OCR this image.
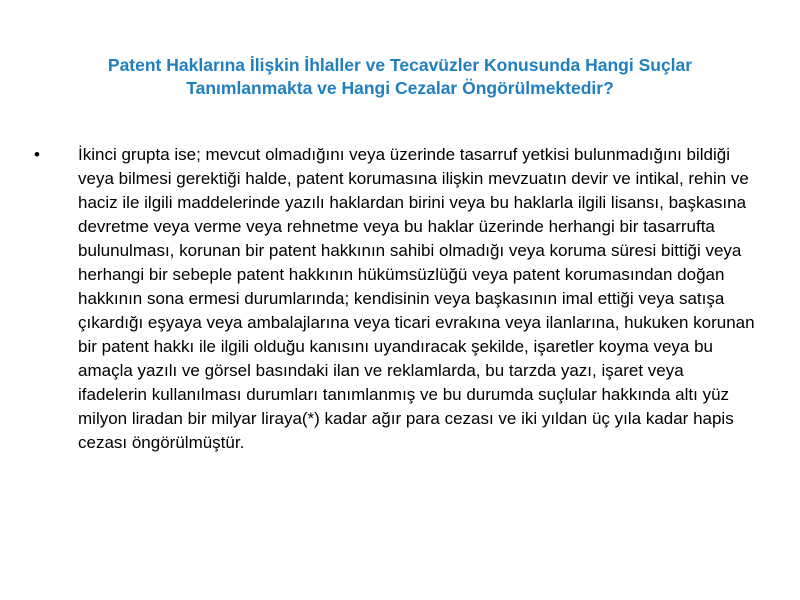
Patent Haklarına İlişkin İhlaller ve Tecavüzler Konusunda Hangi Suçlar
Tanımlanmakta ve Hangi Cezalar Öngörülmektedir?
•	İkinci grupta ise; mevcut olmadığını veya üzerinde tasarruf yetkisi bulunmadığını bildiği veya bilmesi gerektiği halde, patent korumasına ilişkin mevzuatın devir ve intikal, rehin ve haciz ile ilgili maddelerinde yazılı haklardan birini veya bu haklarla ilgili lisansı, başkasına devretme veya verme veya rehnetme veya bu haklar üzerinde herhangi bir tasarrufta bulunulması, korunan bir patent hakkının sahibi olmadığı veya koruma süresi bittiği veya herhangi bir sebeple patent hakkının hükümsüzlüğü veya patent korumasından doğan hakkının sona ermesi durumlarında; kendisinin veya başkasının imal ettiği veya satışa çıkardığı eşyaya veya ambalajlarına veya ticari evrakına veya ilanlarına, hukuken korunan bir patent hakkı ile ilgili olduğu kanısını uyandıracak şekilde, işaretler koyma veya bu amaçla yazılı ve görsel basındaki ilan ve reklamlarda, bu tarzda yazı, işaret veya ifadelerin kullanılması durumları tanımlanmış ve bu durumda suçlular hakkında altı yüz milyon liradan bir milyar liraya(*) kadar ağır para cezası ve iki yıldan üç yıla kadar hapis cezası öngörülmüştür.
